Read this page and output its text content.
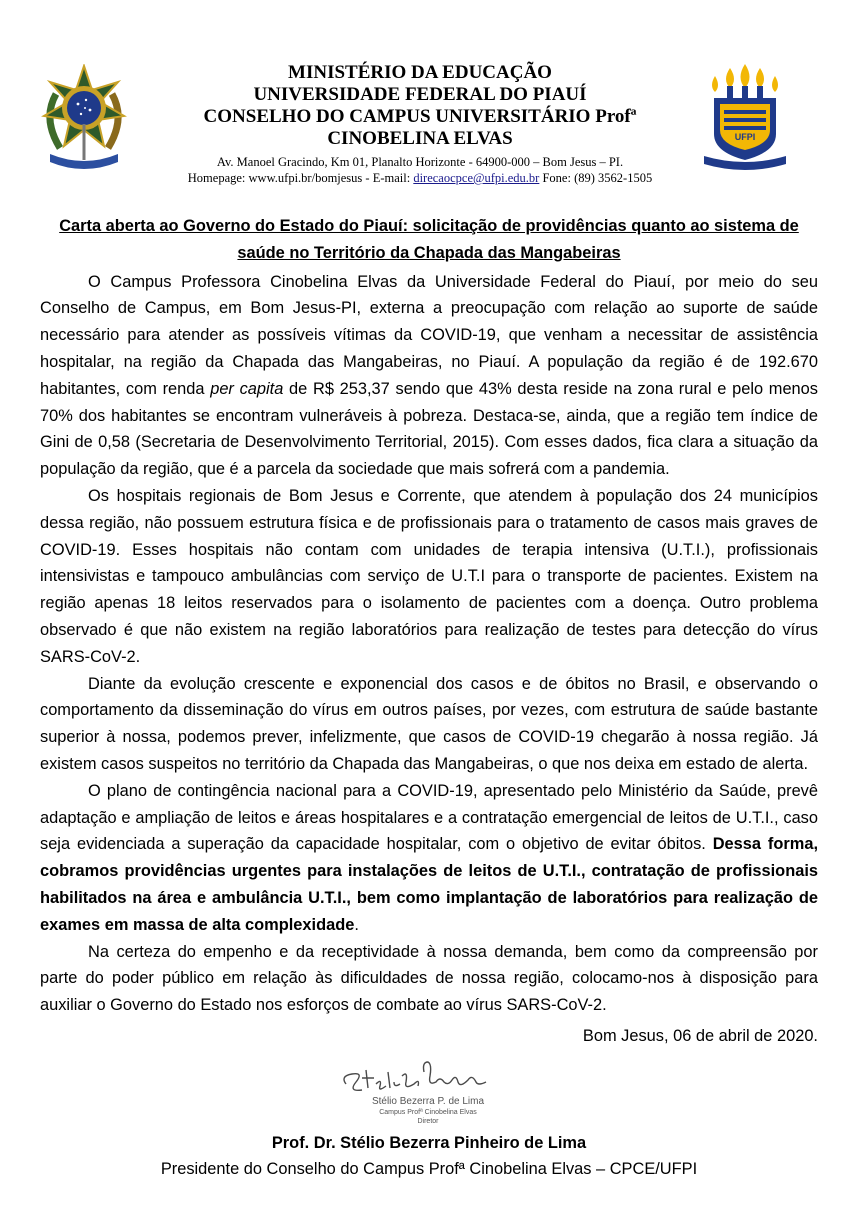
MINISTÉRIO DA EDUCAÇÃO

UNIVERSIDADE FEDERAL DO PIAUÍ

CONSELHO DO CAMPUS UNIVERSITÁRIO Profª

CINOBELINA ELVAS

Av. Manoel Gracindo, Km 01, Planalto Horizonte - 64900-000 – Bom Jesus – PI.
Homepage: www.ufpi.br/bomjesus - E-mail: direcaocpce@ufpi.edu.br Fone: (89) 3562-1505
UFPI

Carta aberta ao Governo do Estado do Piauí: solicitação de providências quanto ao sistema de saúde no Território da Chapada das Mangabeiras

O Campus Professora Cinobelina Elvas da Universidade Federal do Piauí, por meio do seu Conselho de Campus, em Bom Jesus-PI, externa a preocupação com relação ao suporte de saúde necessário para atender as possíveis vítimas da COVID-19, que venham a necessitar de assistência hospitalar, na região da Chapada das Mangabeiras, no Piauí. A população da região é de 192.670 habitantes, com renda per capita de R$ 253,37 sendo que 43% desta reside na zona rural e pelo menos 70% dos habitantes se encontram vulneráveis à pobreza. Destaca-se, ainda, que a região tem índice de Gini de 0,58 (Secretaria de Desenvolvimento Territorial, 2015). Com esses dados, fica clara a situação da população da região, que é a parcela da sociedade que mais sofrerá com a pandemia.

Os hospitais regionais de Bom Jesus e Corrente, que atendem à população dos 24 municípios dessa região, não possuem estrutura física e de profissionais para o tratamento de casos mais graves de COVID-19. Esses hospitais não contam com unidades de terapia intensiva (U.T.I.), profissionais intensivistas e tampouco ambulâncias com serviço de U.T.I para o transporte de pacientes. Existem na região apenas 18 leitos reservados para o isolamento de pacientes com a doença. Outro problema observado é que não existem na região laboratórios para realização de testes para detecção do vírus SARS-CoV-2.

Diante da evolução crescente e exponencial dos casos e de óbitos no Brasil, e observando o comportamento da disseminação do vírus em outros países, por vezes, com estrutura de saúde bastante superior à nossa, podemos prever, infelizmente, que casos de COVID-19 chegarão à nossa região. Já existem casos suspeitos no território da Chapada das Mangabeiras, o que nos deixa em estado de alerta.

O plano de contingência nacional para a COVID-19, apresentado pelo Ministério da Saúde, prevê adaptação e ampliação de leitos e áreas hospitalares e a contratação emergencial de leitos de U.T.I., caso seja evidenciada a superação da capacidade hospitalar, com o objetivo de evitar óbitos. Dessa forma, cobramos providências urgentes para instalações de leitos de U.T.I., contratação de profissionais habilitados na área e ambulância U.T.I., bem como implantação de laboratórios para realização de exames em massa de alta complexidade.

Na certeza do empenho e da receptividade à nossa demanda, bem como da compreensão por parte do poder público em relação às dificuldades de nossa região, colocamo-nos à disposição para auxiliar o Governo do Estado nos esforços de combate ao vírus SARS-CoV-2.

Bom Jesus, 06 de abril de 2020.

Stélio Bezerra P. de Lima
Campus Profª Cinobelina Elvas
Diretor

Prof. Dr. Stélio Bezerra Pinheiro de Lima

Presidente do Conselho do Campus Profª Cinobelina Elvas – CPCE/UFPI
